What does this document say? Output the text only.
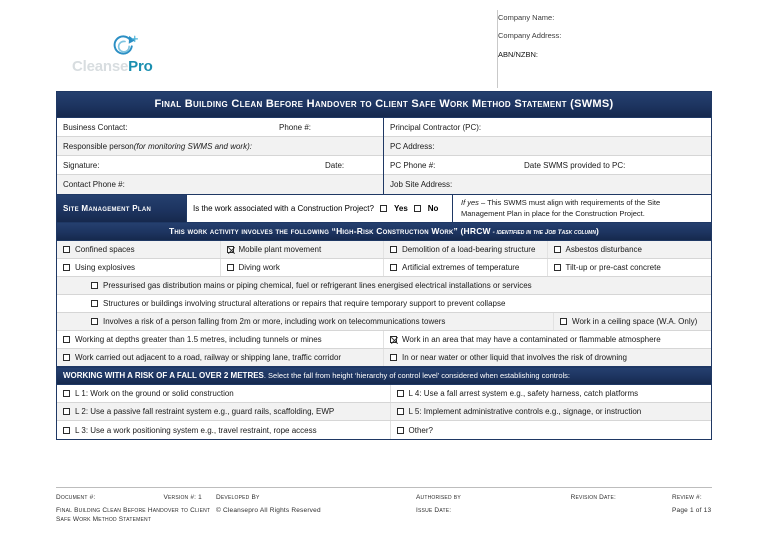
CleansePro
Company Name:
Company Address:
ABN/NZBN:
Final Building Clean Before Handover to Client Safe Work Method Statement (SWMS)
Business Contact:	Phone #:
Responsible person (for monitoring SWMS and work):
Signature:	Date:
Contact Phone #:
Principal Contractor (PC):
PC Address:
PC Phone #:	Date SWMS provided to PC:
Job Site Address:
Site Management Plan	Is the work associated with a Construction Project?	Yes	No
If yes – This SWMS must align with requirements of the Site Management Plan in place for the Construction Project.
This work activity involves the following “High-Risk Construction Work” (HRCW - identified in the Job Task column)
Confined spaces	Mobile plant movement	Demolition of a load-bearing structure	Asbestos disturbance
Using explosives	Diving work	Artificial extremes of temperature	Tilt-up or pre-cast concrete
Pressurised gas distribution mains or piping chemical, fuel or refrigerant lines energised electrical installations or services
Structures or buildings involving structural alterations or repairs that require temporary support to prevent collapse
Involves a risk of a person falling from 2m or more, including work on telecommunications towers	Work in a ceiling space (W.A. Only)
Working at depths greater than 1.5 metres, including tunnels or mines	Work in an area that may have a contaminated or flammable atmosphere
Work carried out adjacent to a road, railway or shipping lane, traffic corridor	In or near water or other liquid that involves the risk of drowning
WORKING WITH A RISK OF A FALL OVER 2 METRES. Select the fall from height ‘hierarchy of control level’ considered when establishing controls:
L 1: Work on the ground or solid construction	L 4: Use a fall arrest system e.g., safety harness, catch platforms
L 2: Use a passive fall restraint system e.g., guard rails, scaffolding, EWP	L 5: Implement administrative controls e.g., signage, or instruction
L 3: Use a work positioning system e.g., travel restraint, rope access	Other?
Document #:	Version #: 1
Final Building Clean Before Handover to Client Safe Work Method Statement
Developed By
© Cleansepro All Rights Reserved
Authorised by
Issue Date:
Revision Date:	Review #:
Page 1 of 13
